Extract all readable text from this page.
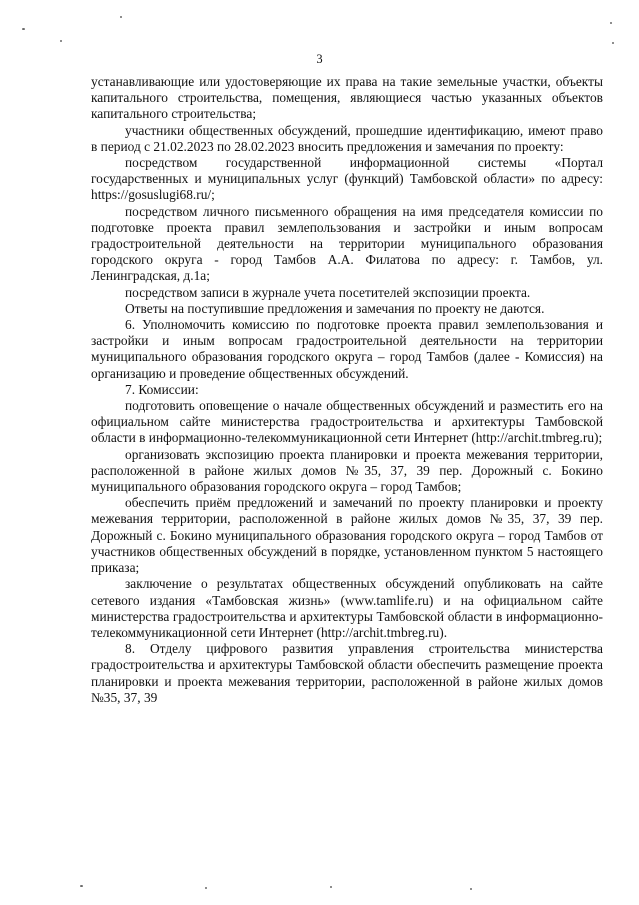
3

устанавливающие или удостоверяющие их права на такие земельные участки, объекты капитального строительства, помещения, являющиеся частью указанных объектов капитального строительства;

участники общественных обсуждений, прошедшие идентификацию, имеют право в период с 21.02.2023 по 28.02.2023 вносить предложения и замечания по проекту:

посредством государственной информационной системы «Портал государственных и муниципальных услуг (функций) Тамбовской области» по адресу: https://gosuslugi68.ru/;

посредством личного письменного обращения на имя председателя комиссии по подготовке проекта правил землепользования и застройки и иным вопросам градостроительной деятельности на территории муниципального образования городского округа - город Тамбов А.А. Филатова по адресу: г. Тамбов, ул. Ленинградская, д.1а;

посредством записи в журнале учета посетителей экспозиции проекта.

Ответы на поступившие предложения и замечания по проекту не даются.

6. Уполномочить комиссию по подготовке проекта правил землепользования и застройки и иным вопросам градостроительной деятельности на территории муниципального образования городского округа – город Тамбов (далее - Комиссия) на организацию и проведение общественных обсуждений.

7. Комиссии:

подготовить оповещение о начале общественных обсуждений и разместить его на официальном сайте министерства градостроительства и архитектуры Тамбовской области в информационно-телекоммуникационной сети Интернет (http://archit.tmbreg.ru);

организовать экспозицию проекта планировки и проекта межевания территории, расположенной в районе жилых домов №35, 37, 39 пер. Дорожный с. Бокино муниципального образования городского округа – город Тамбов;

обеспечить приём предложений и замечаний по проекту планировки и проекту межевания территории, расположенной в районе жилых домов №35, 37, 39 пер. Дорожный с. Бокино муниципального образования городского округа – город Тамбов от участников общественных обсуждений в порядке, установленном пунктом 5 настоящего приказа;

заключение о результатах общественных обсуждений опубликовать на сайте сетевого издания «Тамбовская жизнь» (www.tamlife.ru) и на официальном сайте министерства градостроительства и архитектуры Тамбовской области в информационно-телекоммуникационной сети Интернет (http://archit.tmbreg.ru).

8. Отделу цифрового развития управления строительства министерства градостроительства и архитектуры Тамбовской области обеспечить размещение проекта планировки и проекта межевания территории, расположенной в районе жилых домов №35, 37, 39
